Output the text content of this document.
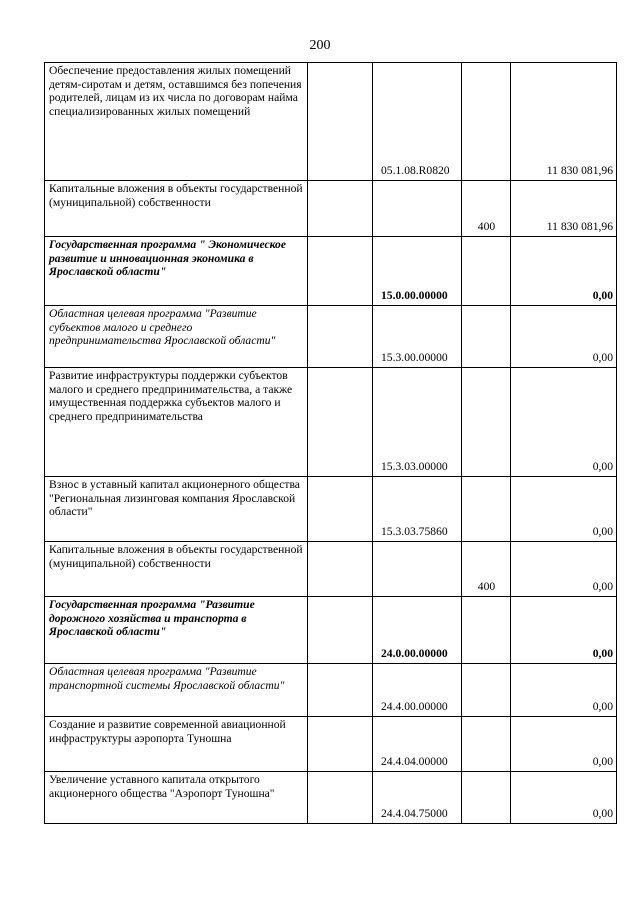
200
Обеспечение предоставления жилых помещений детям-сиротам и детям, оставшимся без попечения родителей, лицам из их числа по договорам найма специализированных жилых помещений		05.1.08.R0820		11 830 081,96
Капитальные вложения в объекты государственной (муниципальной) собственности			400	11 830 081,96
Государственная программа " Экономическое развитие и инновационная экономика в Ярославской области"		15.0.00.00000		0,00
Областная целевая программа "Развитие субъектов малого и среднего предпринимательства Ярославской области"		15.3.00.00000		0,00
Развитие инфраструктуры поддержки субъектов малого и среднего предпринимательства, а также имущественная поддержка субъектов малого и среднего предпринимательства		15.3.03.00000		0,00
Взнос в уставный капитал акционерного общества "Региональная лизинговая компания Ярославской области"		15.3.03.75860		0,00
Капитальные вложения в объекты государственной (муниципальной) собственности			400	0,00
Государственная программа "Развитие дорожного хозяйства и транспорта в Ярославской области"		24.0.00.00000		0,00
Областная целевая программа "Развитие транспортной системы Ярославской области"		24.4.00.00000		0,00
Создание и развитие современной авиационной инфраструктуры аэропорта Туношна		24.4.04.00000		0,00
Увеличение уставного капитала открытого акционерного общества "Аэропорт Туношна"		24.4.04.75000		0,00
